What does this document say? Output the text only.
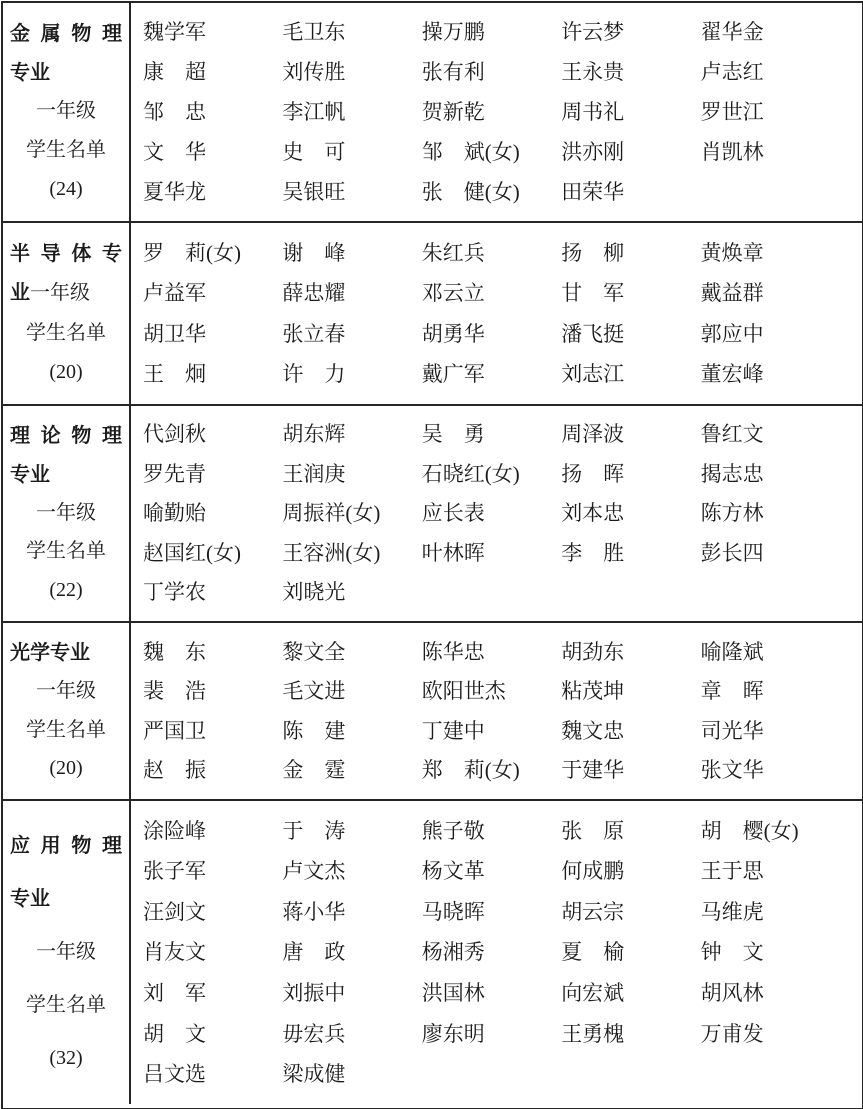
金属物理
专业
一年级
学生名单
(24)
魏学军	毛卫东	操万鹏	许云梦	翟华金
康　超	刘传胜	张有利	王永贵	卢志红
邹　忠	李江帆	贺新乾	周书礼	罗世江
文　华	史　可	邹　斌(女)	洪亦刚	肖凯林
夏华龙	吴银旺	张　健(女)	田荣华
半导体专
业一年级
学生名单
(20)
罗　莉(女)	谢　峰	朱红兵	扬　柳	黄焕章
卢益军	薛忠耀	邓云立	甘　军	戴益群
胡卫华	张立春	胡勇华	潘飞挺	郭应中
王　炯	许　力	戴广军	刘志江	董宏峰
理论物理
专业
一年级
学生名单
(22)
代剑秋	胡东辉	吴　勇	周泽波	鲁红文
罗先青	王润庚	石晓红(女)	扬　晖	揭志忠
喻勤贻	周振祥(女)	应长表	刘本忠	陈方林
赵国红(女)	王容洲(女)	叶林晖	李　胜	彭长四
丁学农	刘晓光
光学专业
一年级
学生名单
(20)
魏　东	黎文全	陈华忠	胡劲东	喻隆斌
裴　浩	毛文进	欧阳世杰	粘茂坤	章　晖
严国卫	陈　建	丁建中	魏文忠	司光华
赵　振	金　霆	郑　莉(女)	于建华	张文华
应用物理
专业
一年级
学生名单
(32)
涂险峰	于　涛	熊子敬	张　原	胡　樱(女)
张子军	卢文杰	杨文革	何成鹏	王于思
汪剑文	蒋小华	马晓晖	胡云宗	马维虎
肖友文	唐　政	杨湘秀	夏　榆	钟　文
刘　军	刘振中	洪国林	向宏斌	胡风林
胡　文	毋宏兵	廖东明	王勇槐	万甫发
吕文选	梁成健
